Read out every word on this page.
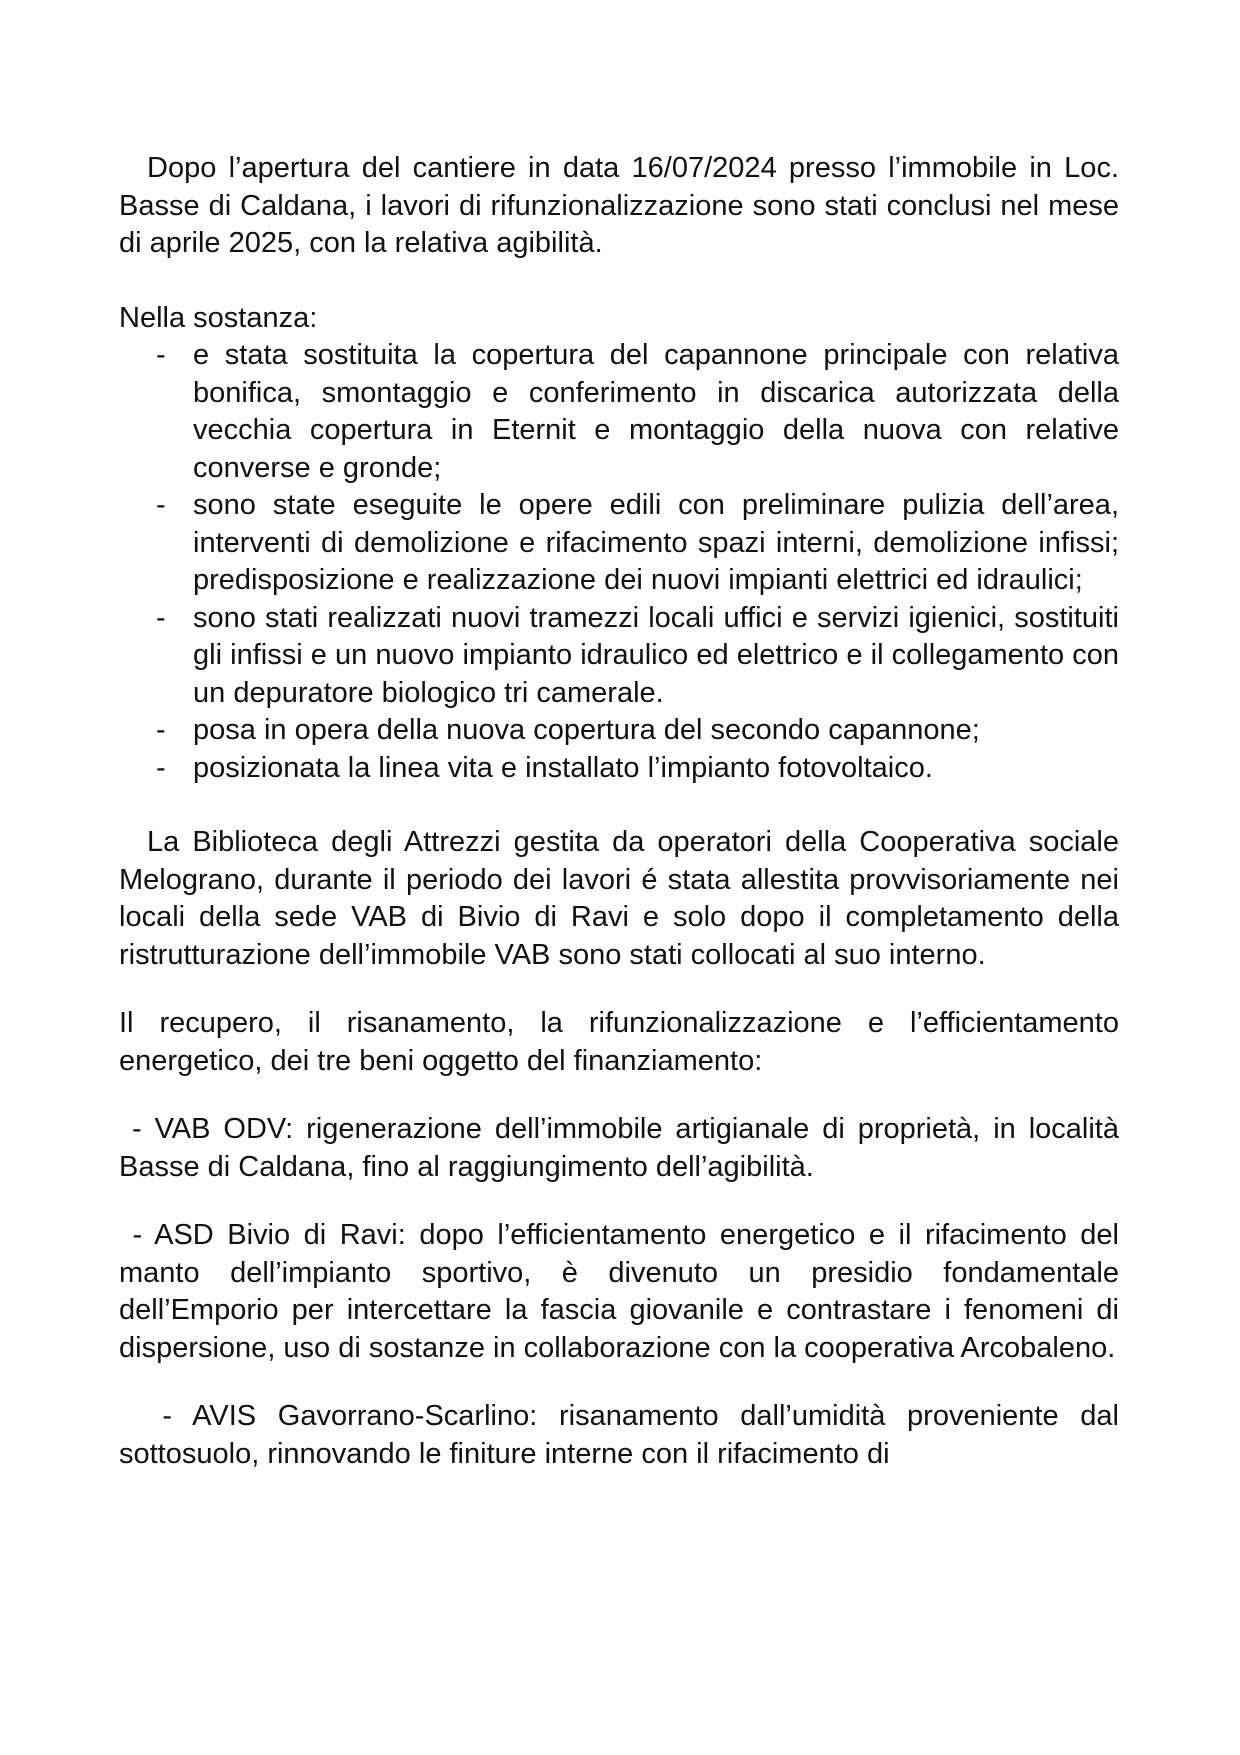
Dopo l’apertura del cantiere in data 16/07/2024 presso l’immobile in Loc. Basse di Caldana, i lavori di rifunzionalizzazione sono stati conclusi nel mese di aprile 2025, con la relativa agibilità.

Nella sostanza:

- e stata sostituita la copertura del capannone principale con relativa bonifica, smontaggio e conferimento in discarica autorizzata della vecchia copertura in Eternit e montaggio della nuova con relative converse e gronde;
- sono state eseguite le opere edili con preliminare pulizia dell’area, interventi di demolizione e rifacimento spazi interni, demolizione infissi; predisposizione e realizzazione dei nuovi impianti elettrici ed idraulici;
- sono stati realizzati nuovi tramezzi locali uffici e servizi igienici, sostituiti gli infissi e un nuovo impianto idraulico ed elettrico e il collegamento con un depuratore biologico tri camerale.
- posa in opera della nuova copertura del secondo capannone;
- posizionata la linea vita e installato l’impianto fotovoltaico.

La Biblioteca degli Attrezzi gestita da operatori della Cooperativa sociale Melograno, durante il periodo dei lavori é stata allestita provvisoriamente nei locali della sede VAB di Bivio di Ravi e solo dopo il completamento della ristrutturazione dell’immobile VAB sono stati collocati al suo interno.

Il recupero, il risanamento, la rifunzionalizzazione e l’efficientamento energetico, dei tre beni oggetto del finanziamento:

- VAB ODV: rigenerazione dell’immobile artigianale di proprietà, in località Basse di Caldana, fino al raggiungimento dell’agibilità.

- ASD Bivio di Ravi: dopo l’efficientamento energetico e il rifacimento del manto dell’impianto sportivo, è divenuto un presidio fondamentale dell’Emporio per intercettare la fascia giovanile e contrastare i fenomeni di dispersione, uso di sostanze in collaborazione con la cooperativa Arcobaleno.

- AVIS Gavorrano-Scarlino: risanamento dall’umidità proveniente dal sottosuolo, rinnovando le finiture interne con il rifacimento di
